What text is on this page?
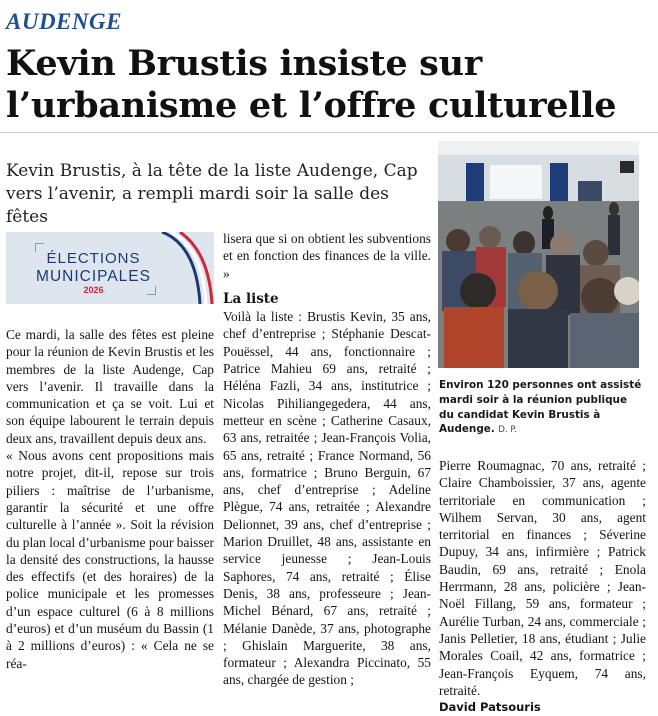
AUDENGE
Kevin Brustis insiste sur l’urbanisme et l’offre culturelle
Kevin Brustis, à la tête de la liste Audenge, Cap vers l’avenir, a rempli mardi soir la salle des fêtes
ÉLECTIONS
MUNICIPALES
2026

Ce mardi, la salle des fêtes est pleine pour la réunion de Kevin Brustis et les membres de la liste Audenge, Cap vers l’avenir. Il travaille dans la communication et ça se voit. Lui et son équipe labourent le terrain depuis deux ans, travaillent depuis deux ans.

« Nous avons cent propositions mais notre projet, dit-il, repose sur trois piliers : maîtrise de l’urbanisme, garantir la sécurité et une offre culturelle à l’année ». Soit la révision du plan local d’urbanisme pour baisser la densité des constructions, la hausse des effectifs (et des horaires) de la police municipale et les promesses d’un espace culturel (6 à 8 millions d’euros) et d’un muséum du Bassin (1 à 2 millions d’euros) : « Cela ne se réa-

lisera que si on obtient les subventions et en fonction des finances de la ville. »

La liste

Voilà la liste : Brustis Kevin, 35 ans, chef d’entreprise ; Stéphanie Descat-Pouëssel, 44 ans, fonctionnaire ; Patrice Mahieu 69 ans, retraité ; Héléna Fazli, 34 ans, institutrice ; Nicolas Pihiliangegedera, 44 ans, metteur en scène ; Catherine Casaux, 63 ans, retraitée ; Jean-François Volia, 65 ans, retraité ; France Normand, 56 ans, formatrice ; Bruno Berguin, 67 ans, chef d’entreprise ; Adeline Plègue, 74 ans, retraitée ; Alexandre Delionnet, 39 ans, chef d’entreprise ; Marion Druillet, 48 ans, assistante en service jeunesse ; Jean-Louis Saphores, 74 ans, retraité ; Élise Denis, 38 ans, professeure ; Jean-Michel Bénard, 67 ans, retraité ; Mélanie Danède, 37 ans, photographe ; Ghislain Marguerite, 38 ans, formateur ; Alexandra Piccinato, 55 ans, chargée de gestion ;

Environ 120 personnes ont assisté mardi soir à la réunion publique du candidat Kevin Brustis à Audenge. D. P.

Pierre Roumagnac, 70 ans, retraité ; Claire Chamboissier, 37 ans, agente territoriale en communication ; Wilhem Servan, 30 ans, agent territorial en finances ; Séverine Dupuy, 34 ans, infirmière ; Patrick Baudin, 69 ans, retraité ; Enola Herrmann, 28 ans, policière ; Jean-Noël Fillang, 59 ans, formateur ; Aurélie Turban, 24 ans, commerciale ; Janis Pelletier, 18 ans, étudiant ; Julie Morales Coail, 42 ans, formatrice ; Jean-François Eyquem, 74 ans, retraité.

David Patsouris
